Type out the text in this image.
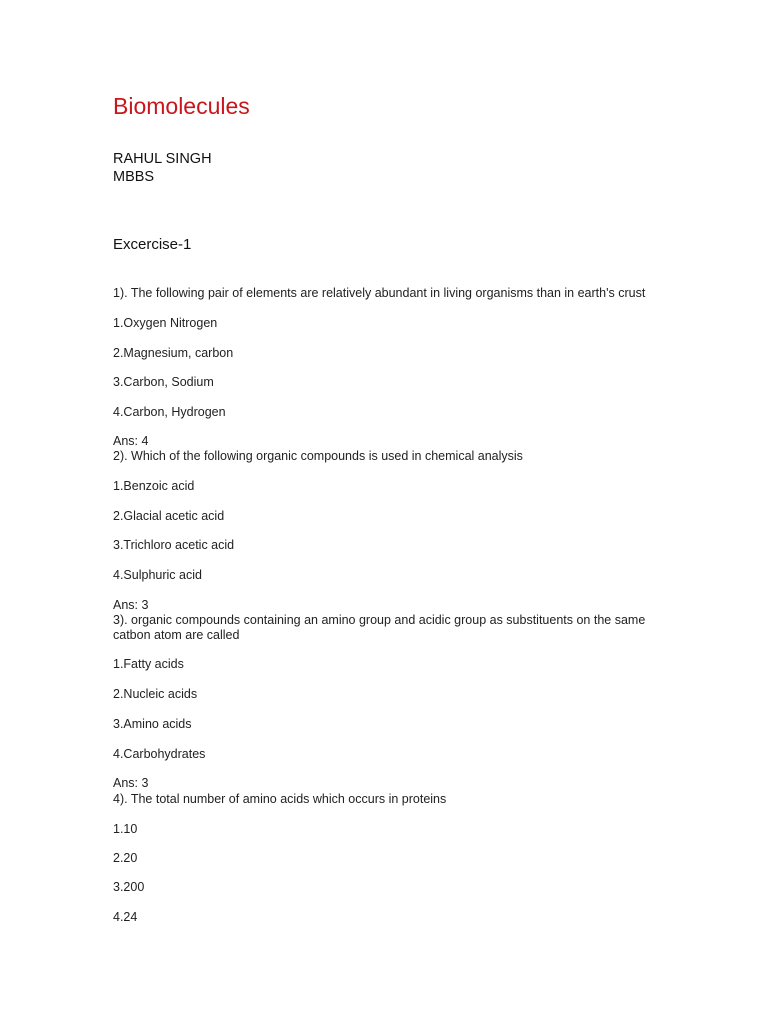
Biomolecules
RAHUL SINGH
MBBS
Excercise-1
1). The following pair of elements are relatively abundant in living organisms than in earth's crust
1.Oxygen Nitrogen
2.Magnesium, carbon
3.Carbon, Sodium
4.Carbon, Hydrogen
Ans: 4
2). Which of the following organic compounds is used in chemical analysis
1.Benzoic acid
2.Glacial acetic acid
3.Trichloro acetic acid
4.Sulphuric acid
Ans: 3
3). organic compounds containing an amino group and acidic group as substituents on the same catbon atom are called
1.Fatty acids
2.Nucleic acids
3.Amino acids
4.Carbohydrates
Ans: 3
4). The total number of amino acids which occurs in proteins
1.10
2.20
3.200
4.24
